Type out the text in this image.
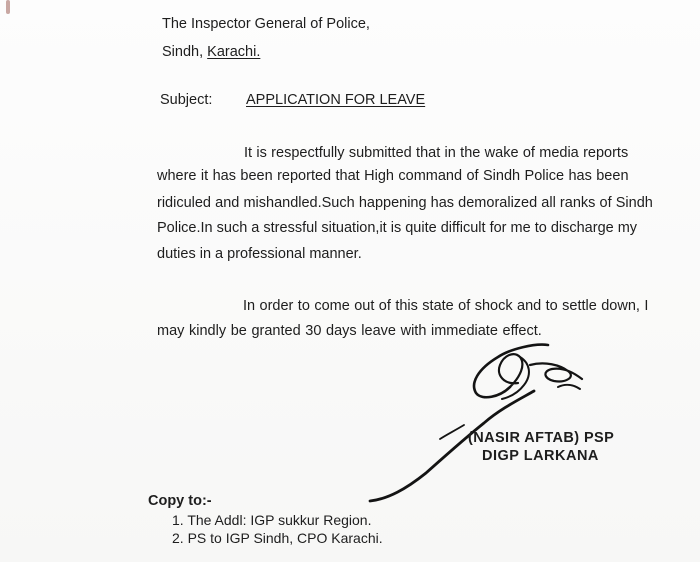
The Inspector General of Police,
Sindh, Karachi.
Subject: APPLICATION FOR LEAVE
It is respectfully submitted that in the wake of media reports
where it has been reported that High command of Sindh Police has been
ridiculed and mishandled.Such happening has demoralized all ranks of Sindh
Police.In such a stressful situation,it is quite difficult for me to discharge my
duties in a professional manner.
In order to come out of this state of shock and to settle down, I
may kindly be granted 30 days leave with immediate effect.
(NASIR AFTAB) PSP
DIGP LARKANA
Copy to:-
1. The Addl: IGP sukkur Region.
2. PS to IGP Sindh, CPO Karachi.
